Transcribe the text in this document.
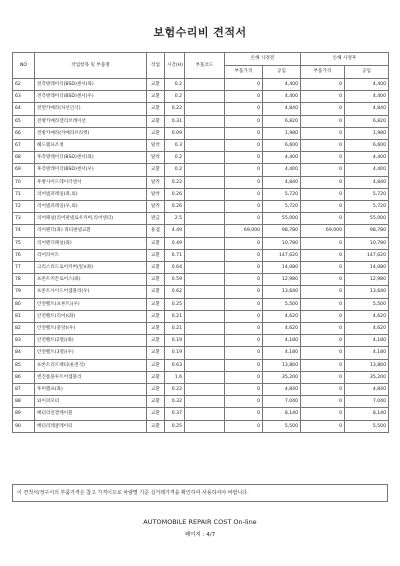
보험수리비 견적서
NO	작업항목 및 부품명	작업	시간(H)	부품코드	손해 사정전		손해 사정후	
					부품가격	공임	부품가격	공임
62	전측방레이더(BSD)센서(좌)	교환	0.2		0	4,400	0	4,400
63	전측방레이더(BSD)센서(우)	교환	0.2		0	4,400	0	4,400
64	전면카메라(차선인식)	교환	0.22		0	4,840	0	4,840
65	전방카메라캘리브레이션	교환	0.31		0	6,820	0	6,820
66	전방카메라(카메라브라켓)	교환	0.09		0	1,980	0	1,980
67	헤드램프조정	탈착	0.3		0	6,600	0	6,600
68	후측방레이더(BSD)센서(좌)	탈착	0.2		0	4,400	0	4,400
69	후측방레이더(BSD)센서(우)	교환	0.2		0	4,400	0	4,400
70	후방사이드레이더센서	탈착	0.22		0	4,840	0	4,840
71	리어범퍼레일(좌,외)	탈착	0.26		0	5,720	0	5,720
72	리어범퍼레일(우,외)	탈착	0.26		0	5,720	0	5,720
73	리어패널(리어판넬로우커버,리어센터)	판금	2.5		0	55,000	0	55,000
74	리어펜더(좌) 쿼터판넬교환	용접	4.49		69,000	98,780	69,000	98,780
75	리어펜더패널(좌)	교환	0.49		0	10,780	0	10,780
76	리어라이트	교환	6.71		0	147,620	0	147,620
77	크리스티드로어커버(앞)(좌)	교환	0.64		0	14,080	0	14,080
78	프론트커튼로어스(좌)	교환	0.59		0	12,980	0	12,980
79	프론트사이드어셈블리(우)	교환	0.62		0	13,640	0	13,640
80	안전벨트(프론트)(우)	교환	0.25		0	5,500	0	5,500
81	안전벨트(리어)(좌)	교환	0.21		0	4,620	0	4,620
82	안전벨트(중앙)(우)	교환	0.21		0	4,620	0	4,620
83	안전벨트(2열)(좌)	교환	0.19		0	4,180	0	4,180
84	안전벨트(3열)(우)	교환	0.19		0	4,180	0	4,180
85	프론트리트랙터(운전석)	교환	0.63		0	13,860	0	13,860
86	엔진룸플루트어셈블리	교환	1.6		0	35,200	0	35,200
87	후미램프(좌)	교환	0.22		0	4,840	0	4,840
88	와이퍼모터	교환	0.32		0	7,040	0	7,040
89	배터리연결케이블	교환	0.37		0	8,140	0	8,140
90	배터리레귤레이터	교환	0.25		0	5,500	0	5,500
이 견적서/정구서의 부품가격은 참고 가격이므로 차량별 기준 실거래가격을 확인하여 사용하셔야 바랍니다.
AUTOMOBILE REPAIR COST On-line
페이지 : 4/7
